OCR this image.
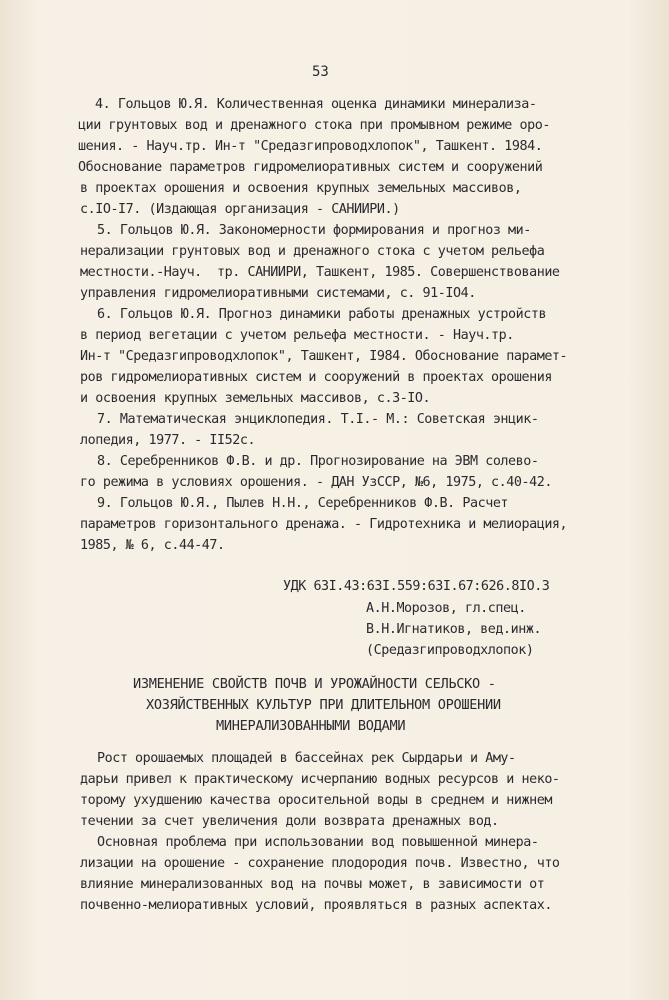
53
4. Гольцов Ю.Я. Количественная оценка динамики минерализа-
ции грунтовых вод и дренажного стока при промывном режиме оро-
шения. - Науч.тр. Ин-т "Средазгипроводхлопок", Ташкент. 1984.
Обоснование параметров гидромелиоративных систем и сооружений
в проектах орошения и освоения крупных земельных массивов,
с.IO-I7. (Издающая организация - САНИИРИ.)
5. Гольцов Ю.Я. Закономерности формирования и прогноз ми-
нерализации грунтовых вод и дренажного стока с учетом рельефа
местности.-Науч.  тр. САНИИРИ, Ташкент, 1985. Совершенствование
управления гидромелиоративными системами, с. 91-IO4.
6. Гольцов Ю.Я. Прогноз динамики работы дренажных устройств
в период вегетации с учетом рельефа местности. - Науч.тр.
Ин-т "Средазгипроводхлопок", Ташкент, I984. Обоснование парамет-
ров гидромелиоративных систем и сооружений в проектах орошения
и освоения крупных земельных массивов, с.3-IO.
7. Математическая энциклопедия. Т.I.- М.: Советская энцик-
лопедия, 1977. - II52с.
8. Серебренников Ф.В. и др. Прогнозирование на ЭВМ солево-
го режима в условиях орошения. - ДАН УзССР, №6, 1975, с.40-42.
9. Гольцов Ю.Я., Пылев Н.Н., Серебренников Ф.В. Расчет
параметров горизонтального дренажа. - Гидротехника и мелиорация,
1985, № 6, с.44-47.
УДК 63I.43:63I.559:63I.67:626.8IO.3
А.Н.Морозов, гл.спец.
В.Н.Игнатиков, вед.инж.
(Средазгипроводхлопок)
ИЗМЕНЕНИЕ СВОЙСТВ ПОЧВ И УРОЖАЙНОСТИ СЕЛЬСКО -
ХОЗЯЙСТВЕННЫХ КУЛЬТУР ПРИ ДЛИТЕЛЬНОМ ОРОШЕНИИ
МИНЕРАЛИЗОВАННЫМИ ВОДАМИ
Рост орошаемых площадей в бассейнах рек Сырдарьи и Аму-
дарьи привел к практическому исчерпанию водных ресурсов и неко-
торому ухудшению качества оросительной воды в среднем и нижнем
течении за счет увеличения доли возврата дренажных вод.
Основная проблема при использовании вод повышенной минера-
лизации на орошение - сохранение плодородия почв. Известно, что
влияние минерализованных вод на почвы может, в зависимости от
почвенно-мелиоративных условий, проявляться в разных аспектах.
